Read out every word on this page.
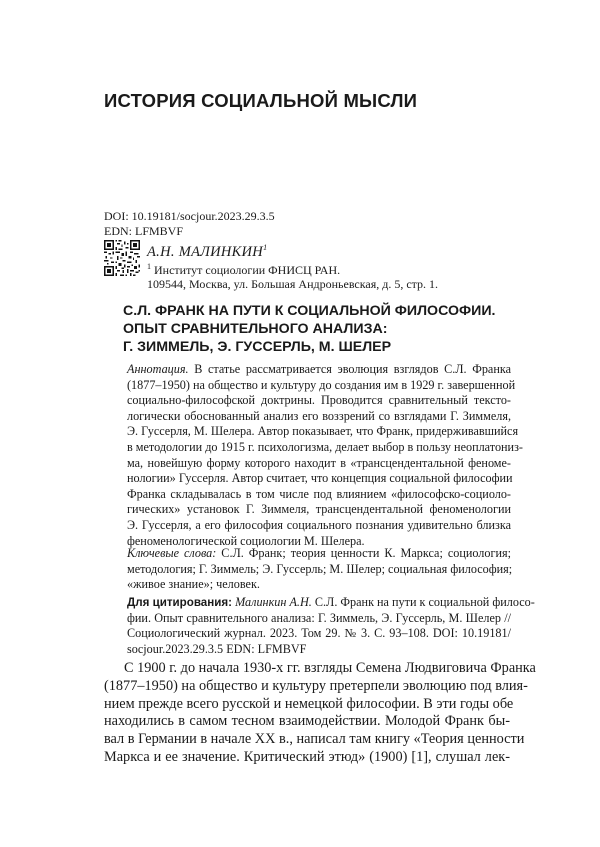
ИСТОРИЯ СОЦИАЛЬНОЙ МЫСЛИ
DOI: 10.19181/socjour.2023.29.3.5
EDN: LFMBVF
А.Н. МАЛИНКИН$^1$
$^1$ Институт социологии ФНИСЦ РАН.
109544, Москва, ул. Большая Андроньевская, д. 5, стр. 1.
С.Л. ФРАНК НА ПУТИ К СОЦИАЛЬНОЙ ФИЛОСОФИИ.
ОПЫТ СРАВНИТЕЛЬНОГО АНАЛИЗА:
Г. ЗИММЕЛЬ, Э. ГУССЕРЛЬ, М. ШЕЛЕР
Аннотация. В статье рассматривается эволюция взглядов С.Л. Франка
(1877–1950) на общество и культуру до создания им в 1929 г. завершенной
социально-философской доктрины. Проводится сравнительный тексто-
логически обоснованный анализ его воззрений со взглядами Г. Зиммеля,
Э. Гуссерля, М. Шелера. Автор показывает, что Франк, придерживавшийся
в методологии до 1915 г. психологизма, делает выбор в пользу неоплатониз-
ма, новейшую форму которого находит в «трансцендентальной феноме-
нологии» Гуссерля. Автор считает, что концепция социальной философии
Франка складывалась в том числе под влиянием «философско-социоло-
гических» установок Г. Зиммеля, трансцендентальной феноменологии
Э. Гуссерля, а его философия социального познания удивительно близка
феноменологической социологии М. Шелера.
Ключевые слова: С.Л. Франк; теория ценности К. Маркса; социология;
методология; Г. Зиммель; Э. Гуссерль; М. Шелер; социальная философия;
«живое знание»; человек.
Для цитирования: Малинкин А.Н. С.Л. Франк на пути к социальной филосо-
фии. Опыт сравнительного анализа: Г. Зиммель, Э. Гуссерль, М. Шелер //
Социологический журнал. 2023. Том 29. № 3. С. 93–108. DOI: 10.19181/
socjour.2023.29.3.5 EDN: LFMBVF
С 1900 г. до начала 1930-х гг. взгляды Семена Людвиговича Франка
(1877–1950) на общество и культуру претерпели эволюцию под влия-
нием прежде всего русской и немецкой философии. В эти годы обе
находились в самом тесном взаимодействии. Молодой Франк бы-
вал в Германии в начале XX в., написал там книгу «Теория ценности
Маркса и ее значение. Критический этюд» (1900) [1], слушал лек-
